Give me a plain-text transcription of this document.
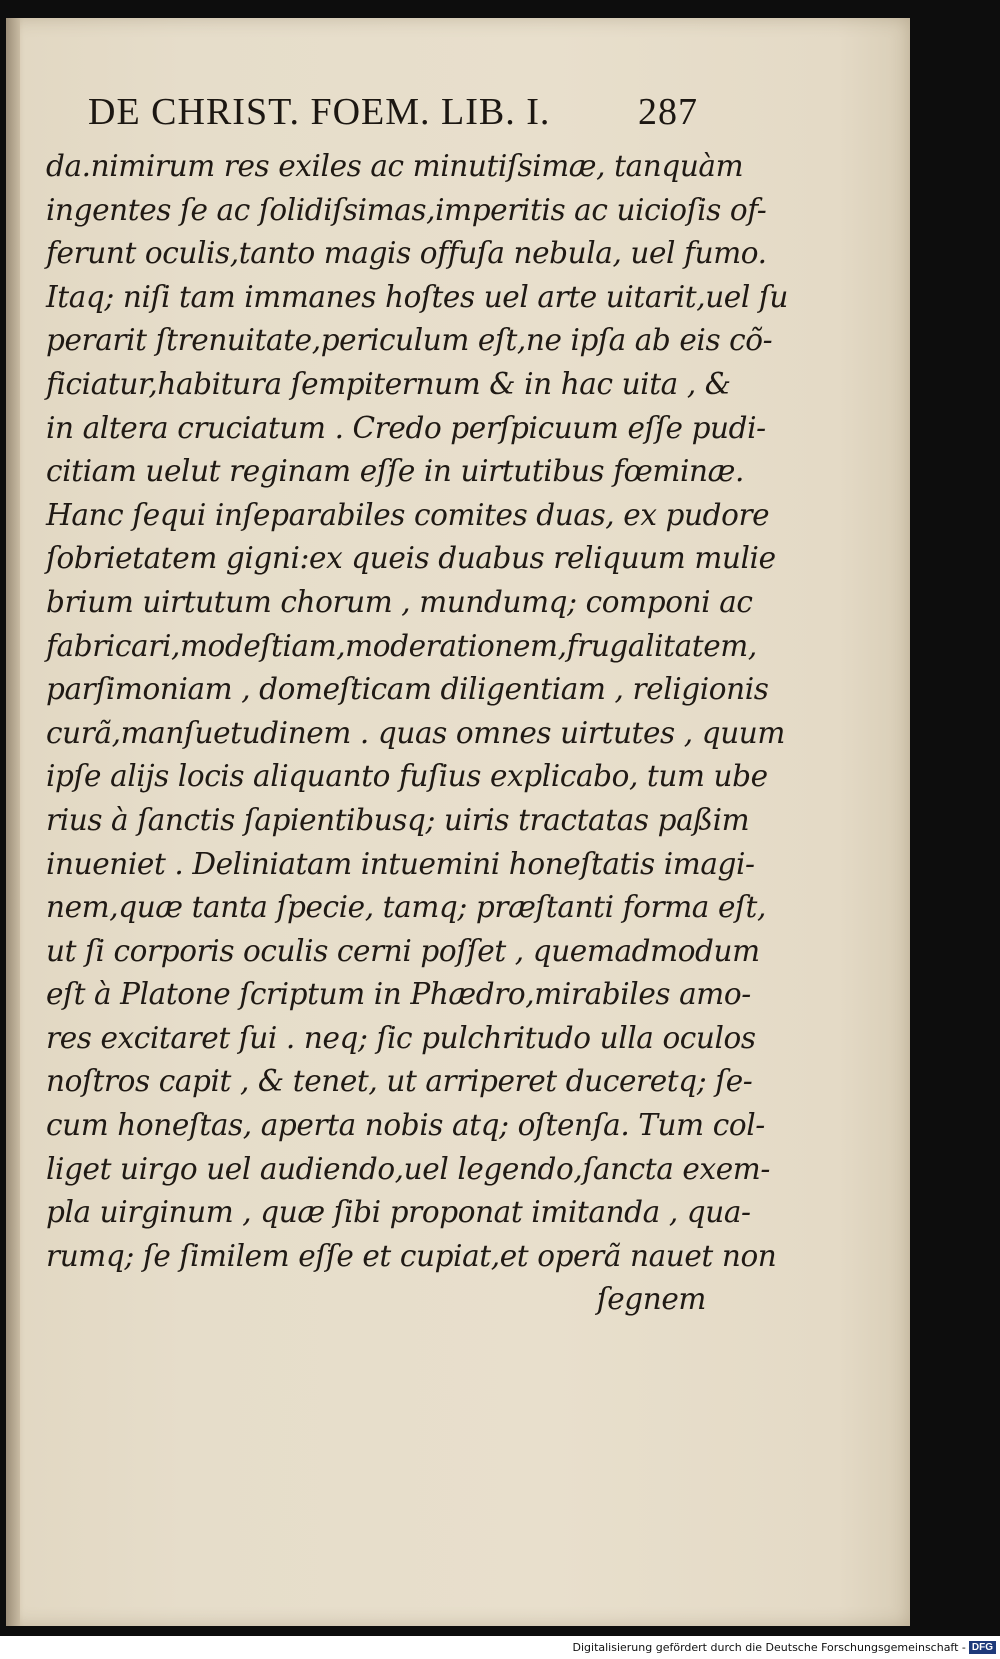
DE CHRIST. FOEM. LIB. I. 287
da.nimirum res exiles ac minutiſsimæ, tanquàm
ingentes ſe ac ſolidiſsimas,imperitis ac uicioſis of-
ferunt oculis,tanto magis offuſa nebula, uel fumo.
Itaq; niſi tam immanes hoſtes uel arte uitarit,uel ſu
perarit ſtrenuitate,periculum eſt,ne ipſa ab eis cõ-
ficiatur,habitura ſempiternum & in hac uita , &
in altera cruciatum . Credo perſpicuum eſſe pudi-
citiam uelut reginam eſſe in uirtutibus fœminæ.
Hanc ſequi inſeparabiles comites duas, ex pudore
ſobrietatem gigni:ex queis duabus reliquum mulie
brium uirtutum chorum , mundumq; componi ac
fabricari,modeſtiam,moderationem,frugalitatem,
parſimoniam , domeſticam diligentiam , religionis
curã,manſuetudinem . quas omnes uirtutes , quum
ipſe alijs locis aliquanto fuſius explicabo, tum ube
rius à ſanctis ſapientibusq; uiris tractatas paßim
inueniet . Deliniatam intuemini honeſtatis imagi-
nem,quæ tanta ſpecie, tamq; præſtanti forma eſt,
ut ſi corporis oculis cerni poſſet , quemadmodum
eſt à Platone ſcriptum in Phædro,mirabiles amo-
res excitaret ſui . neq; ſic pulchritudo ulla oculos
noſtros capit , & tenet, ut arriperet duceretq; ſe-
cum honeſtas, aperta nobis atq; oſtenſa. Tum col-
liget uirgo uel audiendo,uel legendo,ſancta exem-
pla uirginum , quæ ſibi proponat imitanda , qua-
rumq; ſe ſimilem eſſe et cupiat,et operã nauet non
ſegnem
Digitalisierung gefördert durch die Deutsche Forschungsgemeinschaft - DFG
